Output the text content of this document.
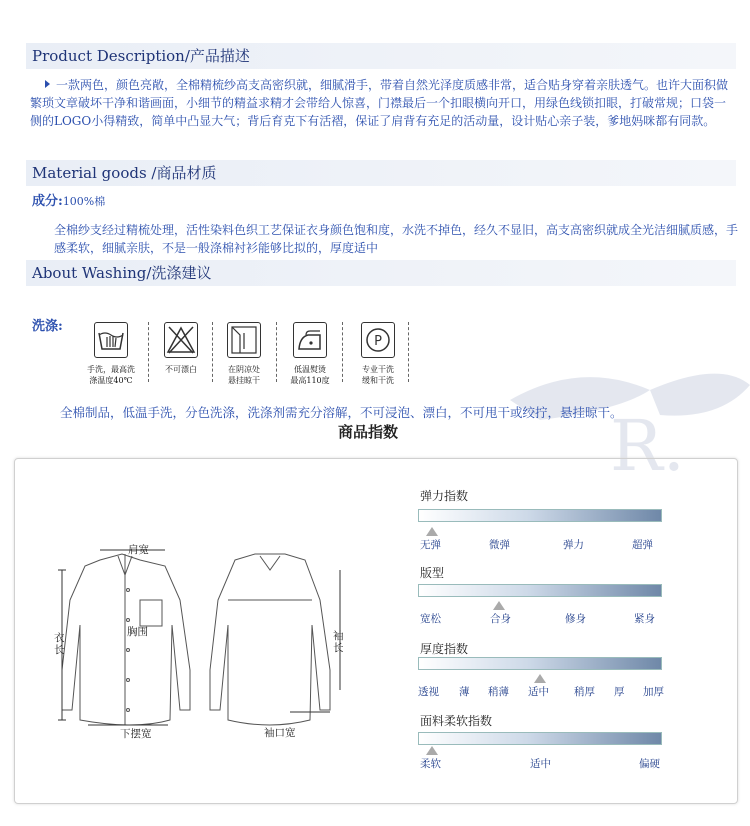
Product Description/产品描述
一款两色，颜色亮敞，全棉精梳纱高支高密织就，细腻滑手，带着自然光泽度质感非常，适合贴身穿着亲肤透气。也许大面积做繁琐文章破坏干净和谐画面，小细节的精益求精才会带给人惊喜，门襟最后一个扣眼横向开口，用绿色线锁扣眼，打破常规；口袋一侧的LOGO小得精致，简单中凸显大气；背后育克下有活褶，保证了肩背有充足的活动量，设计贴心亲子装，爹地妈咪都有同款。
Material goods /商品材质
成分:100%棉
全棉纱支经过精梳处理，活性染料色织工艺保证衣身颜色饱和度，水洗不掉色，经久不显旧，高支高密织就成全光洁细腻质感，手感柔软，细腻亲肤，不是一般涤棉衬衫能够比拟的，厚度适中
About Washing/洗涤建议
洗涤:
R.
手洗，最高洗
涤温度40℃
不可漂白	在阴凉处
悬挂晾干
低温熨烫
最高110度
P
专业干洗
缓和干洗
全棉制品，低温手洗，分色洗涤，洗涤剂需充分溶解，不可浸泡、漂白，不可甩干或绞拧，悬挂晾干。
商品指数
肩宽
胸围
衣长
袖长
下摆宽	袖口宽
弹力指数
无弹	微弹	弹力	超弹
版型
宽松	合身	修身	紧身
厚度指数
透视 薄 稍薄 适中 稍厚 厚 加厚
面料柔软指数
柔软	适中	偏硬
